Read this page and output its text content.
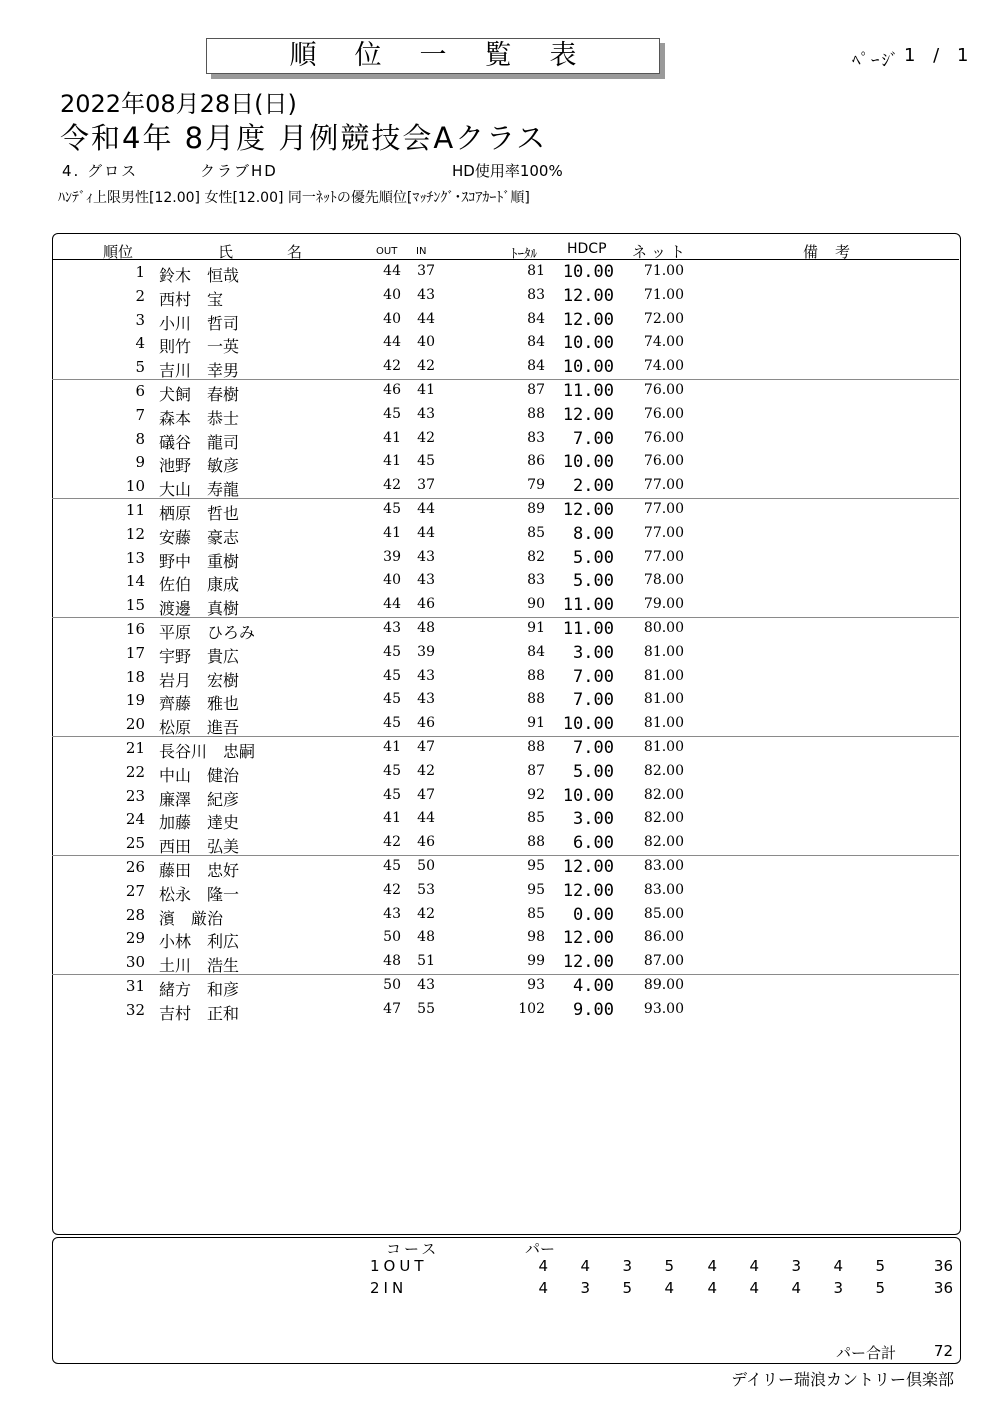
順位一覧表	ﾍﾟｰｼﾞ 1 / 1
2022年08月28日(日)
令和4年 8月度 月例競技会Aクラス
4. グロス	クラブHD	HD使用率100%
ﾊﾝﾃﾞｨ上限男性[12.00] 女性[12.00] 同一ﾈｯﾄの優先順位[ﾏｯﾁﾝｸﾞ･ｽｺｱｶｰﾄﾞ順]
順位	氏	名	OUT IN	ﾄｰﾀﾙ HDCP ネット	備 考
1 鈴木　恒哉	44 37	81 10.00 71.00
2 西村　宝	40 43	83 12.00 71.00
3 小川　哲司	40 44	84 12.00 72.00
4 則竹　一英	44 40	84 10.00 74.00
5 吉川　幸男	42 42	84 10.00 74.00
6 犬飼　春樹	46 41	87 11.00 76.00
7 森本　恭士	45 43	88 12.00 76.00
8 礒谷　龍司	41 42	83 7.00 76.00
9 池野　敏彦	41 45	86 10.00 76.00
10 大山　寿龍	42 37	79 2.00 77.00
11 栖原　哲也	45 44	89 12.00 77.00
12 安藤　豪志	41 44	85 8.00 77.00
13 野中　重樹	39 43	82 5.00 77.00
14 佐伯　康成	40 43	83 5.00 78.00
15 渡邊　真樹	44 46	90 11.00 79.00
16 平原　ひろみ	43 48	91 11.00 80.00
17 宇野　貴広	45 39	84 3.00 81.00
18 岩月　宏樹	45 43	88 7.00 81.00
19 齊藤　雅也	45 43	88 7.00 81.00
20 松原　進吾	45 46	91 10.00 81.00
21 長谷川　忠嗣	41 47	88 7.00 81.00
22 中山　健治	45 42	87 5.00 82.00
23 廉澤　紀彦	45 47	92 10.00 82.00
24 加藤　達史	41 44	85 3.00 82.00
25 西田　弘美	42 46	88 6.00 82.00
26 藤田　忠好	45 50	95 12.00 83.00
27 松永　隆一	42 53	95 12.00 83.00
28 濱　厳治	43 42	85 0.00 85.00
29 小林　利広	50 48	98 12.00 86.00
30 土川　浩生	48 51	99 12.00 87.00
31 緒方　和彦	50 43	93 4.00 89.00
32 吉村　正和	47 55	102 9.00 93.00
コース	パー
1OUT	4 4 3 5 4 4 3 4 5	36
2IN	4 3 5 4 4 4 4 3 5	36
パー合計	72
デイリー瑞浪カントリー倶楽部
